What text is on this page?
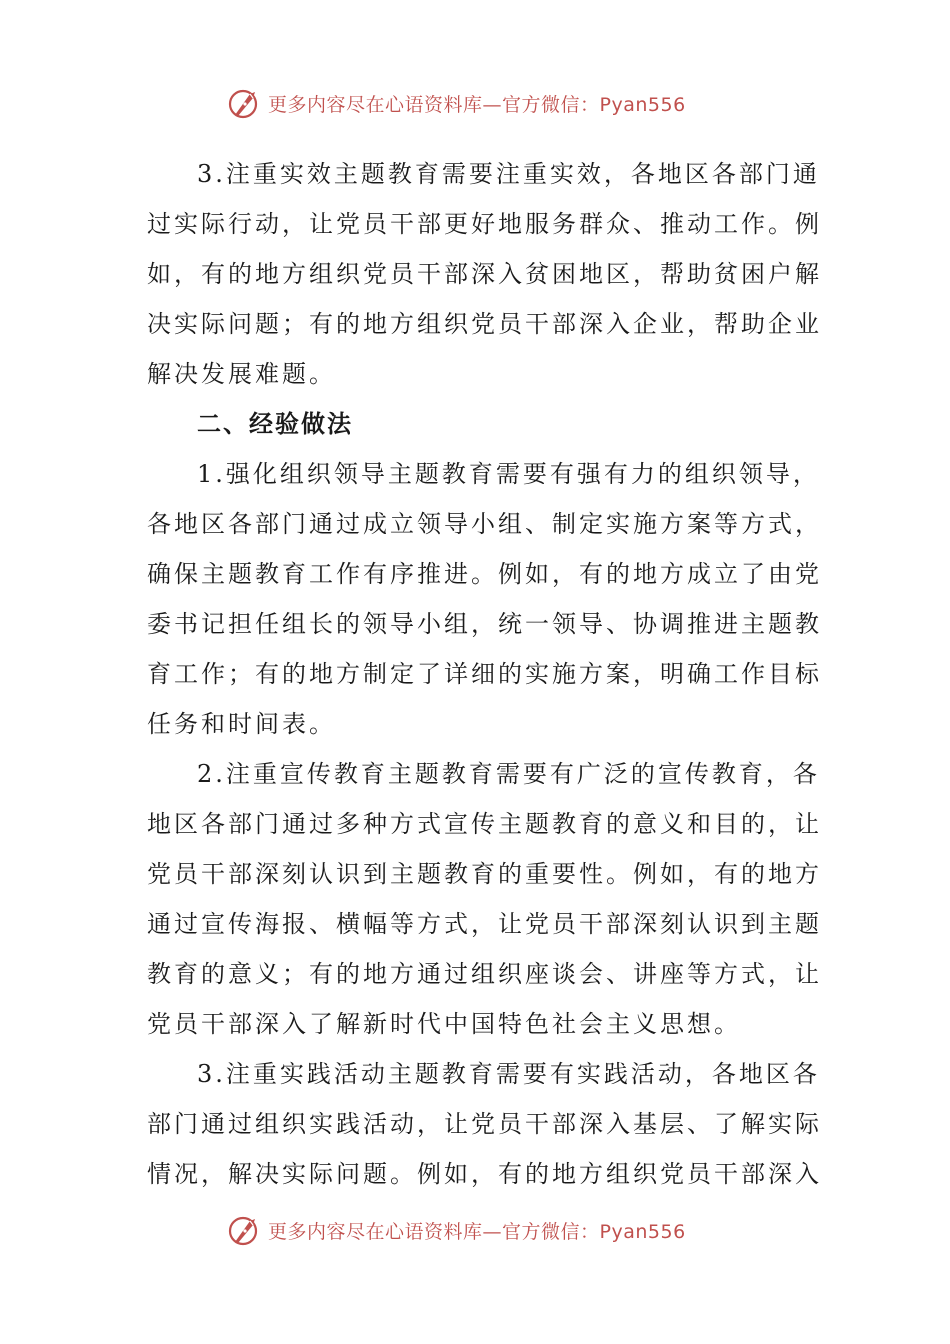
更多内容尽在心语资料库—官方微信：Pyan556
3.注重实效主题教育需要注重实效，各地区各部门通
过实际行动，让党员干部更好地服务群众、推动工作。例
如，有的地方组织党员干部深入贫困地区，帮助贫困户解
决实际问题；有的地方组织党员干部深入企业，帮助企业
解决发展难题。
二、经验做法
1.强化组织领导主题教育需要有强有力的组织领导，
各地区各部门通过成立领导小组、制定实施方案等方式，
确保主题教育工作有序推进。例如，有的地方成立了由党
委书记担任组长的领导小组，统一领导、协调推进主题教
育工作；有的地方制定了详细的实施方案，明确工作目标
任务和时间表。
2.注重宣传教育主题教育需要有广泛的宣传教育，各
地区各部门通过多种方式宣传主题教育的意义和目的，让
党员干部深刻认识到主题教育的重要性。例如，有的地方
通过宣传海报、横幅等方式，让党员干部深刻认识到主题
教育的意义；有的地方通过组织座谈会、讲座等方式，让
党员干部深入了解新时代中国特色社会主义思想。
3.注重实践活动主题教育需要有实践活动，各地区各
部门通过组织实践活动，让党员干部深入基层、了解实际
情况，解决实际问题。例如，有的地方组织党员干部深入
更多内容尽在心语资料库—官方微信：Pyan556
